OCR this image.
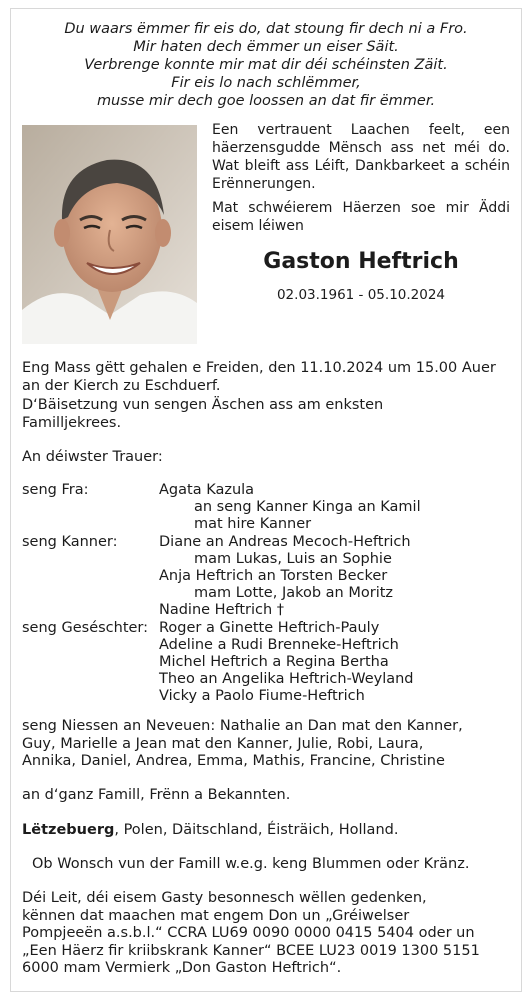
Du waars ëmmer fir eis do, dat stoung fir dech ni a Fro.
Mir haten dech ëmmer un eiser Säit.
Verbrenge konnte mir mat dir déi schéinsten Zäit.
Fir eis lo nach schlëmmer,
musse mir dech goe loossen an dat fir ëmmer.

Een vertrauent Laachen feelt, een häerzensgudde Mënsch ass net méi do. Wat bleift ass Léift, Dankbarkeet a schéin Erënnerungen.

Mat schwéierem Häerzen soe mir Äddi eisem léiwen

Gaston Heftrich
02.03.1961 - 05.10.2024
Eng Mass gëtt gehalen e Freiden, den 11.10.2024 um 15.00 Auer
an der Kierch zu Eschduerf.
D‘Bäisetzung vun sengen Äschen ass am enksten
Familljekrees.
An déiwster Trauer:
seng Fra:	Agata Kazula
an seng Kanner Kinga an Kamil
mat hire Kanner
seng Kanner:	Diane an Andreas Mecoch-Heftrich
mam Lukas, Luis an Sophie
Anja Heftrich an Torsten Becker
mam Lotte, Jakob an Moritz
Nadine Heftrich †
seng Geséschter: Roger a Ginette Heftrich-Pauly
Adeline a Rudi Brenneke-Heftrich
Michel Heftrich a Regina Bertha
Theo an Angelika Heftrich-Weyland
Vicky a Paolo Fiume-Heftrich
seng Niessen an Neveuen: Nathalie an Dan mat den Kanner,
Guy, Marielle a Jean mat den Kanner, Julie, Robi, Laura,
Annika, Daniel, Andrea, Emma, Mathis, Francine, Christine
an d‘ganz Famill, Frënn a Bekannten.
Lëtzebuerg, Polen, Däitschland, Éisträich, Holland.
Ob Wonsch vun der Famill w.e.g. keng Blummen oder Kränz.
Déi Leit, déi eisem Gasty besonnesch wëllen gedenken,
kënnen dat maachen mat engem Don un „Gréiwelser
Pompjeeën a.s.b.l.“ CCRA LU69 0090 0000 0415 5404 oder un
„Een Häerz fir kriibskrank Kanner“ BCEE LU23 0019 1300 5151
6000 mam Vermierk „Don Gaston Heftrich“.
